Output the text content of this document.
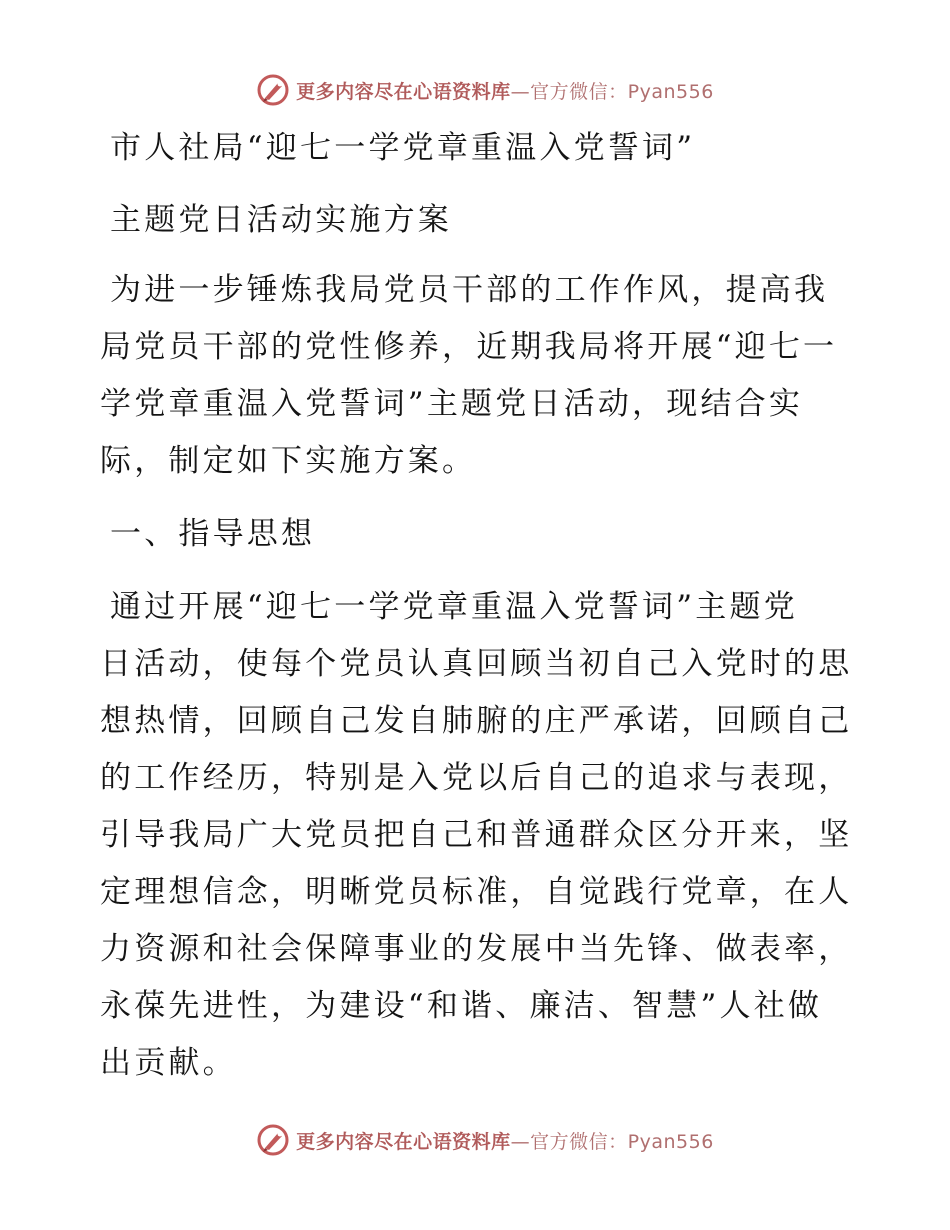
更多内容尽在心语资料库—官方微信：Pyan556
市人社局“迎七一学党章重温入党誓词”
主题党日活动实施方案
为进一步锤炼我局党员干部的工作作风，提高我
局党员干部的党性修养，近期我局将开展“迎七一
学党章重温入党誓词”主题党日活动，现结合实
际，制定如下实施方案。
一、指导思想
通过开展“迎七一学党章重温入党誓词”主题党
日活动，使每个党员认真回顾当初自己入党时的思
想热情，回顾自己发自肺腑的庄严承诺，回顾自己
的工作经历，特别是入党以后自己的追求与表现，
引导我局广大党员把自己和普通群众区分开来，坚
定理想信念，明晰党员标准，自觉践行党章，在人
力资源和社会保障事业的发展中当先锋、做表率，
永葆先进性，为建设“和谐、廉洁、智慧”人社做
出贡献。
更多内容尽在心语资料库—官方微信：Pyan556
